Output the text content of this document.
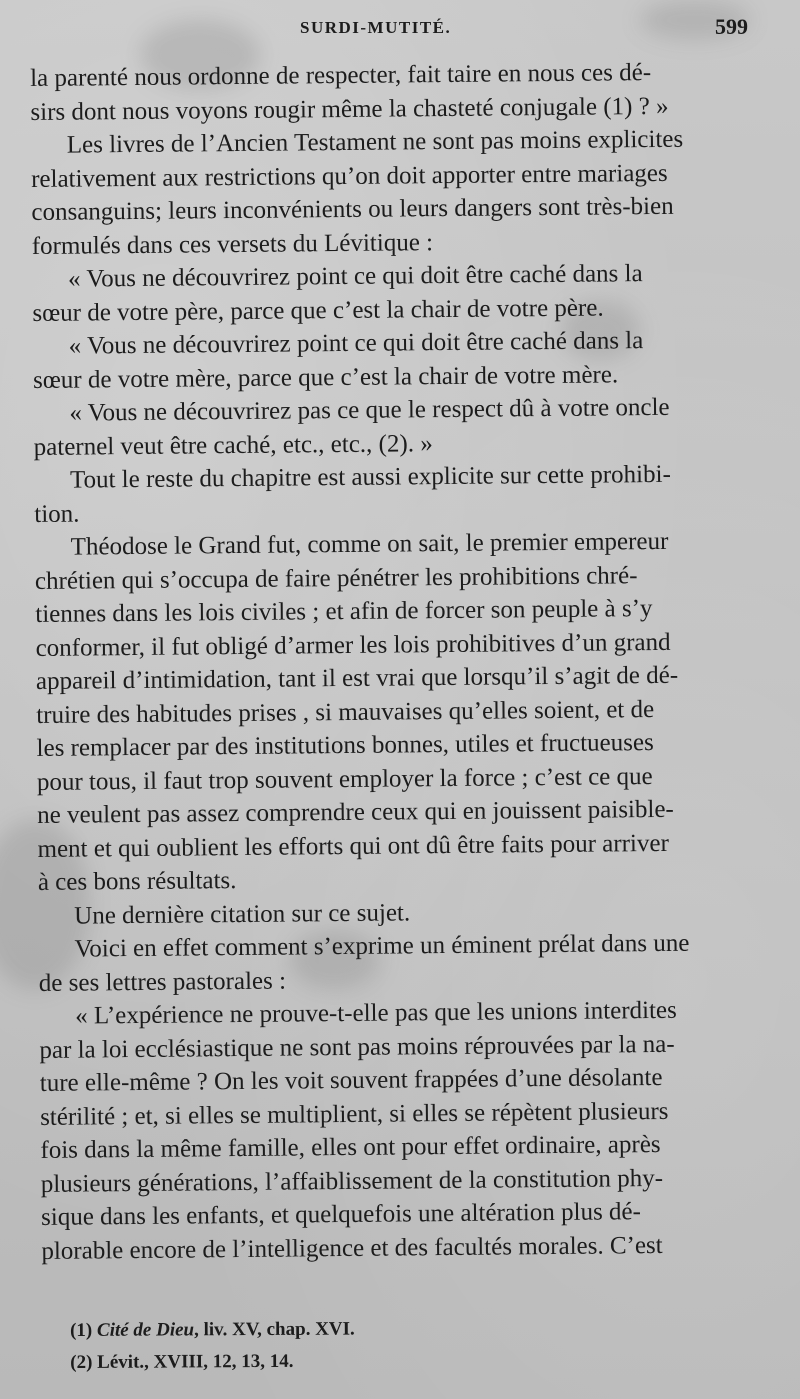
SURDI-MUTITÉ.	599
la parenté nous ordonne de respecter, fait taire en nous ces dé-
sirs dont nous voyons rougir même la chasteté conjugale (1) ? »
Les livres de l’Ancien Testament ne sont pas moins explicites
relativement aux restrictions qu’on doit apporter entre mariages
consanguins; leurs inconvénients ou leurs dangers sont très-bien
formulés dans ces versets du Lévitique :
« Vous ne découvrirez point ce qui doit être caché dans la
sœur de votre père, parce que c’est la chair de votre père.
« Vous ne découvrirez point ce qui doit être caché dans la
sœur de votre mère, parce que c’est la chair de votre mère.
« Vous ne découvrirez pas ce que le respect dû à votre oncle
paternel veut être caché, etc., etc., (2). »
Tout le reste du chapitre est aussi explicite sur cette prohibi-
tion.
Théodose le Grand fut, comme on sait, le premier empereur
chrétien qui s’occupa de faire pénétrer les prohibitions chré-
tiennes dans les lois civiles ; et afin de forcer son peuple à s’y
conformer, il fut obligé d’armer les lois prohibitives d’un grand
appareil d’intimidation, tant il est vrai que lorsqu’il s’agit de dé-
truire des habitudes prises , si mauvaises qu’elles soient, et de
les remplacer par des institutions bonnes, utiles et fructueuses
pour tous, il faut trop souvent employer la force ; c’est ce que
ne veulent pas assez comprendre ceux qui en jouissent paisible-
ment et qui oublient les efforts qui ont dû être faits pour arriver
à ces bons résultats.
Une dernière citation sur ce sujet.
Voici en effet comment s’exprime un éminent prélat dans une
de ses lettres pastorales :
« L’expérience ne prouve-t-elle pas que les unions interdites
par la loi ecclésiastique ne sont pas moins réprouvées par la na-
ture elle-même ? On les voit souvent frappées d’une désolante
stérilité ; et, si elles se multiplient, si elles se répètent plusieurs
fois dans la même famille, elles ont pour effet ordinaire, après
plusieurs générations, l’affaiblissement de la constitution phy-
sique dans les enfants, et quelquefois une altération plus dé-
plorable encore de l’intelligence et des facultés morales. C’est
(1) Cité de Dieu, liv. XV, chap. XVI.
(2) Lévit., XVIII, 12, 13, 14.
